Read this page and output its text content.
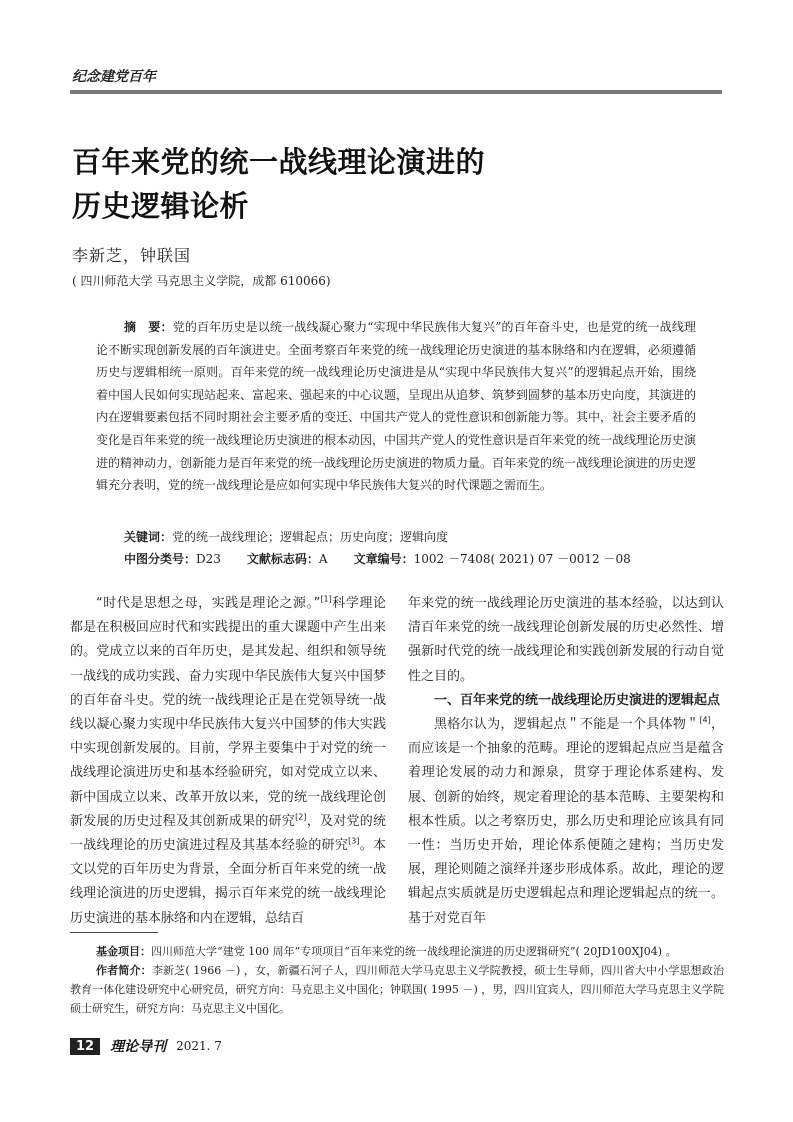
纪念建党百年
百年来党的统一战线理论演进的
历史逻辑论析
李新芝，钟联国
( 四川师范大学 马克思主义学院，成都 610066)
摘　要：党的百年历史是以统一战线凝心聚力“实现中华民族伟大复兴”的百年奋斗史，也是党的统一战线理论不断实现创新发展的百年演进史。全面考察百年来党的统一战线理论历史演进的基本脉络和内在逻辑，必须遵循历史与逻辑相统一原则。百年来党的统一战线理论历史演进是从“实现中华民族伟大复兴”的逻辑起点开始，围绕着中国人民如何实现站起来、富起来、强起来的中心议题，呈现出从追梦、筑梦到圆梦的基本历史向度，其演进的内在逻辑要素包括不同时期社会主要矛盾的变迁、中国共产党人的党性意识和创新能力等。其中，社会主要矛盾的变化是百年来党的统一战线理论历史演进的根本动因，中国共产党人的党性意识是百年来党的统一战线理论历史演进的精神动力，创新能力是百年来党的统一战线理论历史演进的物质力量。百年来党的统一战线理论演进的历史逻辑充分表明，党的统一战线理论是应如何实现中华民族伟大复兴的时代课题之需而生。
关键词：党的统一战线理论；逻辑起点；历史向度；逻辑向度
中图分类号：D23 文献标志码：A 文章编号：1002 －7408( 2021) 07 －0012 －08

“时代是思想之母，实践是理论之源。”[1]科学理论都是在积极回应时代和实践提出的重大课题中产生出来的。党成立以来的百年历史，是其发起、组织和领导统一战线的成功实践、奋力实现中华民族伟大复兴中国梦的百年奋斗史。党的统一战线理论正是在党领导统一战线以凝心聚力实现中华民族伟大复兴中国梦的伟大实践中实现创新发展的。目前，学界主要集中于对党的统一战线理论演进历史和基本经验研究，如对党成立以来、新中国成立以来、改革开放以来，党的统一战线理论创新发展的历史过程及其创新成果的研究[2]，及对党的统一战线理论的历史演进过程及其基本经验的研究[3]。本文以党的百年历史为背景，全面分析百年来党的统一战线理论演进的历史逻辑，揭示百年来党的统一战线理论历史演进的基本脉络和内在逻辑，总结百

年来党的统一战线理论历史演进的基本经验，以达到认清百年来党的统一战线理论创新发展的历史必然性、增强新时代党的统一战线理论和实践创新发展的行动自觉性之目的。

一、百年来党的统一战线理论历史演进的逻辑起点

黑格尔认为，逻辑起点＂不能是一个具体物＂[4]，而应该是一个抽象的范畴。理论的逻辑起点应当是蕴含着理论发展的动力和源泉，贯穿于理论体系建构、发展、创新的始终，规定着理论的基本范畴、主要架构和根本性质。以之考察历史，那么历史和理论应该具有同一性：当历史开始，理论体系便随之建构；当历史发展，理论则随之演绎并逐步形成体系。故此，理论的逻辑起点实质就是历史逻辑起点和理论逻辑起点的统一。基于对党百年

基金项目：四川师范大学“建党 100 周年”专项项目“百年来党的统一战线理论演进的历史逻辑研究”( 20JD100XJ04) 。

作者简介：李新芝( 1966 －) ，女，新疆石河子人，四川师范大学马克思主义学院教授，硕士生导师，四川省大中小学思想政治教育一体化建设研究中心研究员，研究方向：马克思主义中国化；钟联国( 1995 －) ，男，四川宜宾人，四川师范大学马克思主义学院硕士研究生，研究方向：马克思主义中国化。

12	理论导刊 2021. 7
